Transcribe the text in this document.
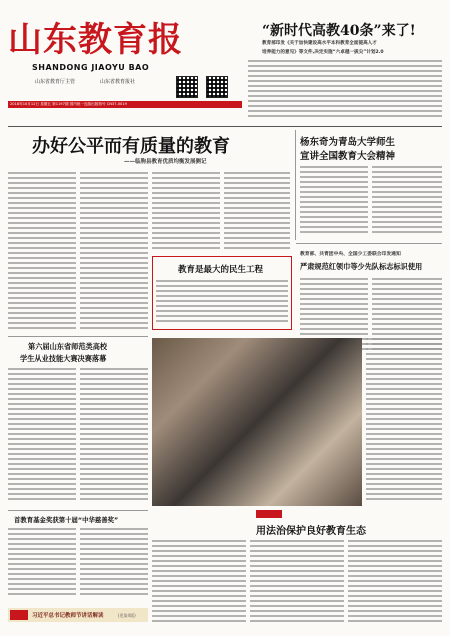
山东教育报
SHANDONG JIAOYU BAO
山东省教育厅主管	山东省教育报社
2018年10月12日 星期五 第1197期 国内统一连续出版物号 CN37-0019
“新时代高教40条”来了!
教育部印发《关于加快建设高水平本科教育全面提高人才
培养能力的意见》等文件,决定实施“六卓越一拔尖”计划2.0
办好公平而有质量的教育
——临朐县教育优质均衡发展侧记
杨东奇为青岛大学师生
宣讲全国教育大会精神
教育是最大的民生工程
教育部、共青团中央、全国少工委联合印发通知
严肃规范红领巾等少先队标志标识使用
第六届山东省师范类高校
学生从业技能大赛决赛落幕
首教育基金奖获第十届“中华慈善奖”
习近平总书记教师节讲话解读	(见第4版)
教育时评
用法治保护良好教育生态
